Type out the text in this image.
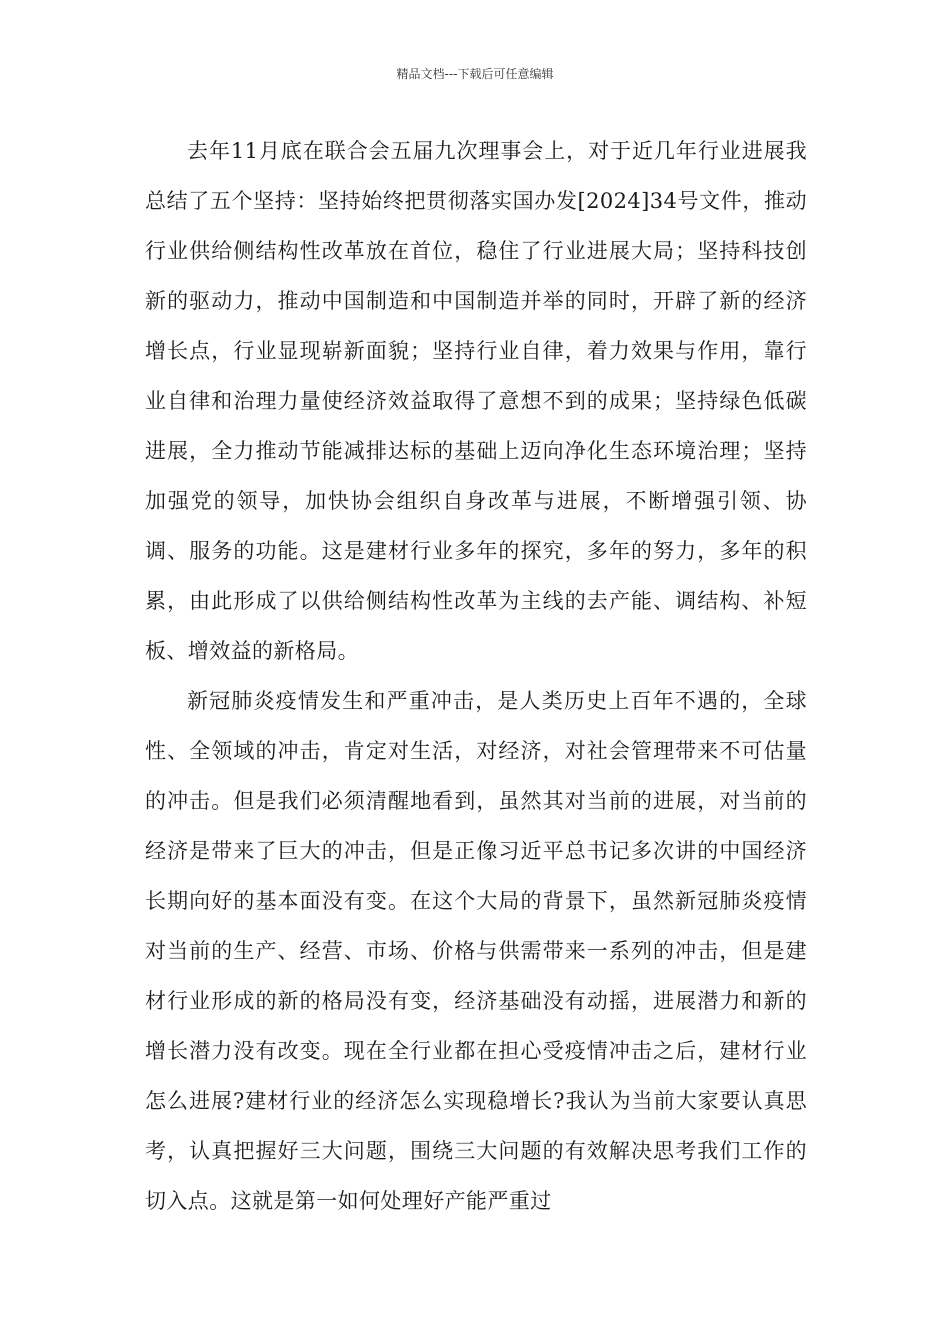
精品文档---下载后可任意编辑

去年11月底在联合会五届九次理事会上，对于近几年行业进展我总结了五个坚持：坚持始终把贯彻落实国办发[2024]34号文件，推动行业供给侧结构性改革放在首位，稳住了行业进展大局；坚持科技创新的驱动力，推动中国制造和中国制造并举的同时，开辟了新的经济增长点，行业显现崭新面貌；坚持行业自律，着力效果与作用，靠行业自律和治理力量使经济效益取得了意想不到的成果；坚持绿色低碳进展，全力推动节能减排达标的基础上迈向净化生态环境治理；坚持加强党的领导，加快协会组织自身改革与进展，不断增强引领、协调、服务的功能。这是建材行业多年的探究，多年的努力，多年的积累，由此形成了以供给侧结构性改革为主线的去产能、调结构、补短板、增效益的新格局。

新冠肺炎疫情发生和严重冲击，是人类历史上百年不遇的，全球性、全领域的冲击，肯定对生活，对经济，对社会管理带来不可估量的冲击。但是我们必须清醒地看到，虽然其对当前的进展，对当前的经济是带来了巨大的冲击，但是正像习近平总书记多次讲的中国经济长期向好的基本面没有变。在这个大局的背景下，虽然新冠肺炎疫情对当前的生产、经营、市场、价格与供需带来一系列的冲击，但是建材行业形成的新的格局没有变，经济基础没有动摇，进展潜力和新的增长潜力没有改变。现在全行业都在担心受疫情冲击之后，建材行业怎么进展?建材行业的经济怎么实现稳增长?我认为当前大家要认真思考，认真把握好三大问题，围绕三大问题的有效解决思考我们工作的切入点。这就是第一如何处理好产能严重过
